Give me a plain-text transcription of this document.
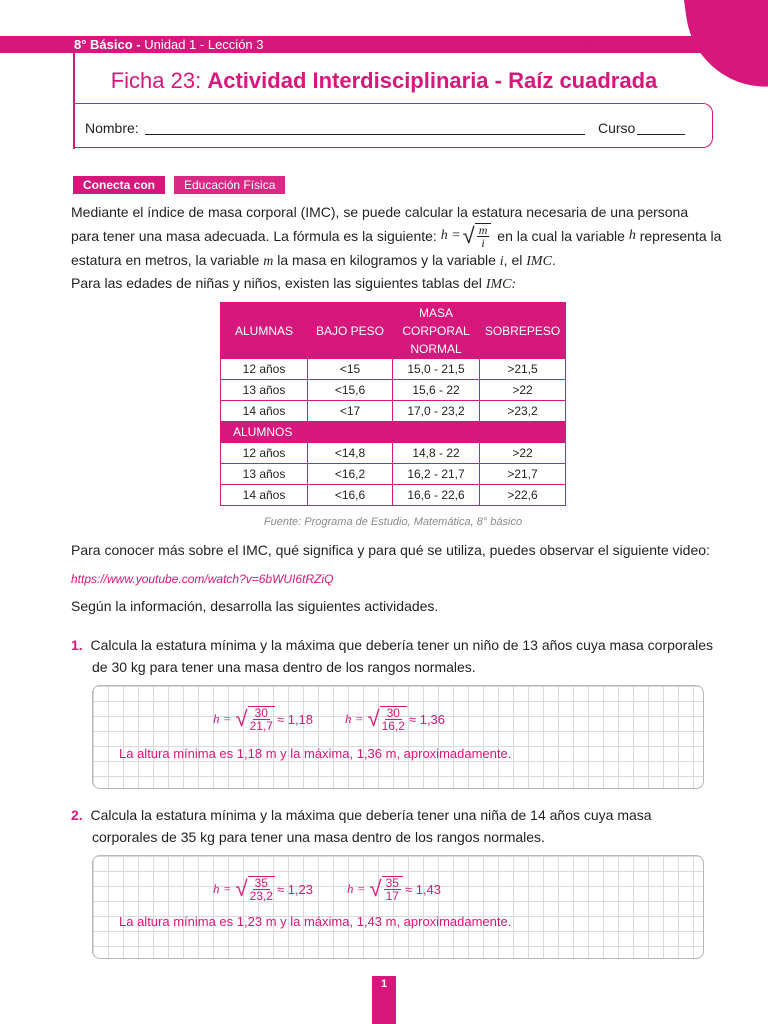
8° Básico - Unidad 1 - Lección 3	Texto del estudiante / Páginas: 38 a 41
Ficha 23: Actividad Interdisciplinaria - Raíz cuadrada
Nombre:	Curso
Conecta con	Educación Física
Mediante el índice de masa corporal (IMC), se puede calcular la estatura necesaria de una persona
para tener una masa adecuada. La fórmula es la siguiente:
h = √ $\frac{m}{i}$
en la cual la variable
h
representa la
estatura en metros, la variable m la masa en kilogramos y la variable i, el IMC.
Para las edades de niñas y niños, existen las siguientes tablas del IMC:
ALUMNAS	BAJO PESO	MASA CORPORAL NORMAL	SOBREPESO
12 años	<15	15,0 - 21,5	>21,5
13 años	<15,6	15,6 - 22	>22
14 años	<17	17,0 - 23,2	>23,2
ALUMNOS			
12 años	<14,8	14,8 - 22	>22
13 años	<16,2	16,2 - 21,7	>21,7
14 años	<16,6	16,6 - 22,6	>22,6
Fuente: Programa de Estudio, Matemática, 8° básico
Para conocer más sobre el IMC, qué significa y para qué se utiliza, puedes observar el siguiente video:
https://www.youtube.com/watch?v=6bWUI6tRZiQ
Según la información, desarrolla las siguientes actividades.
1. Calcula la estatura mínima y la máxima que debería tener un niño de 13 años cuya masa corporales
de 30 kg para tener una masa dentro de los rangos normales.
h = √ $\frac{30}{21,7} \approx 1,18$ h = √ $\frac{30}{16,2} \approx 1,36$
La altura mínima es 1,18 m y la máxima, 1,36 m, aproximadamente.
2. Calcula la estatura mínima y la máxima que debería tener una niña de 14 años cuya masa
corporales de 35 kg para tener una masa dentro de los rangos normales.
h = √ $\frac{35}{23,2} \approx 1,23$	h = √ $\frac{35}{17} \approx 1,43$
La altura mínima es 1,23 m y la máxima, 1,43 m, aproximadamente.
1
